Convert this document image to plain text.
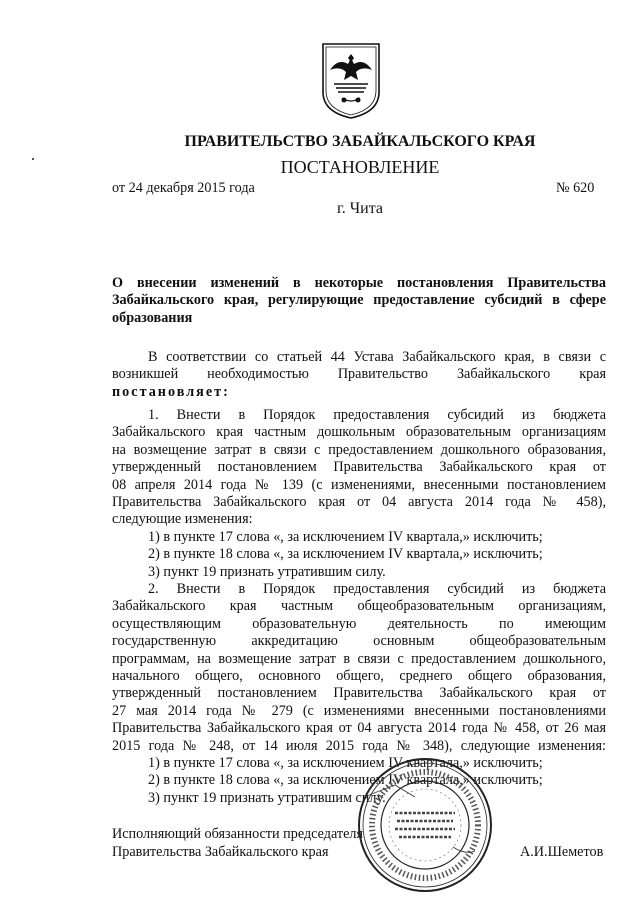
ПРАВИТЕЛЬСТВО ЗАБАЙКАЛЬСКОГО КРАЯ
ПОСТАНОВЛЕНИЕ
от 24 декабря 2015 года	№ 620
г. Чита
О внесении изменений в некоторые постановления Правительства
Забайкальского края, регулирующие предоставление субсидий в сфере
образования
В соответствии со статьей 44 Устава Забайкальского края, в связи с
возникшей необходимостью Правительство Забайкальского края
постановляет:
1. Внести в Порядок предоставления субсидий из бюджета
Забайкальского края частным дошкольным образовательным организациям
на возмещение затрат в связи с предоставлением дошкольного образования,
утвержденный постановлением Правительства Забайкальского края от
08 апреля 2014 года № 139 (с изменениями, внесенными постановлением
Правительства Забайкальского края от 04 августа 2014 года № 458),
следующие изменения:
1) в пункте 17 слова «, за исключением IV квартала,» исключить;
2) в пункте 18 слова «, за исключением IV квартала,» исключить;
3) пункт 19 признать утратившим силу.
2. Внести в Порядок предоставления субсидий из бюджета
Забайкальского края частным общеобразовательным организациям,
осуществляющим образовательную деятельность по имеющим
государственную аккредитацию основным общеобразовательным
программам, на возмещение затрат в связи с предоставлением дошкольного,
начального общего, основного общего, среднего общего образования,
утвержденный постановлением Правительства Забайкальского края от
27 мая 2014 года № 279 (с изменениями внесенными постановлениями
Правительства Забайкальского края от 04 августа 2014 года № 458, от 26 мая
2015 года № 248, от 14 июля 2015 года № 348), следующие изменения:
1) в пункте 17 слова «, за исключением IV квартала,» исключить;
2) в пункте 18 слова «, за исключением IV квартала,» исключить;
3) пункт 19 признать утратившим силу.
Исполняющий обязанности председателя
Правительства Забайкальского края	А.И.Шеметов
